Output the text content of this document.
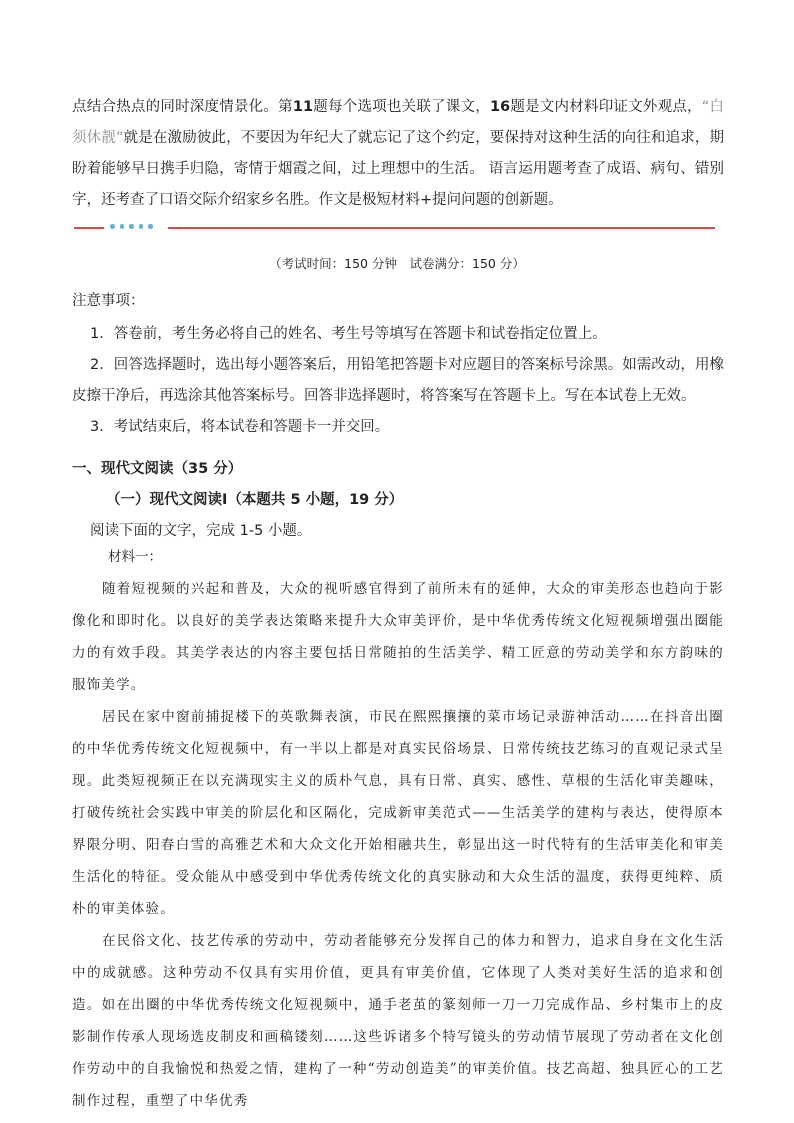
点结合热点的同时深度情景化。第11题每个选项也关联了课文，16题是文内材料印证文外观点，“白须休靓”就是在激励彼此，不要因为年纪大了就忘记了这个约定，要保持对这种生活的向往和追求，期盼着能够早日携手归隐，寄情于烟霞之间，过上理想中的生活。 语言运用题考查了成语、病句、错别字，还考查了口语交际介绍家乡名胜。作文是极短材料+提问问题的创新题。
（考试时间：150 分钟　试卷满分：150 分）
注意事项：
1．答卷前，考生务必将自己的姓名、考生号等填写在答题卡和试卷指定位置上。
2．回答选择题时，选出每小题答案后，用铅笔把答题卡对应题目的答案标号涂黑。如需改动，用橡皮擦干净后，再选涂其他答案标号。回答非选择题时，将答案写在答题卡上。写在本试卷上无效。
3．考试结束后，将本试卷和答题卡一并交回。
一、现代文阅读（35 分）
（一）现代文阅读Ⅰ（本题共 5 小题，19 分）
阅读下面的文字，完成 1-5 小题。
材料一：

随着短视频的兴起和普及，大众的视听感官得到了前所未有的延伸，大众的审美形态也趋向于影像化和即时化。以良好的美学表达策略来提升大众审美评价，是中华优秀传统文化短视频增强出圈能力的有效手段。其美学表达的内容主要包括日常随拍的生活美学、精工匠意的劳动美学和东方韵味的服饰美学。

居民在家中窗前捕捉楼下的英歌舞表演，市民在熙熙攘攘的菜市场记录游神活动……在抖音出圈的中华优秀传统文化短视频中，有一半以上都是对真实民俗场景、日常传统技艺练习的直观记录式呈现。此类短视频正在以充满现实主义的质朴气息，具有日常、真实、感性、草根的生活化审美趣味，打破传统社会实践中审美的阶层化和区隔化，完成新审美范式——生活美学的建构与表达，使得原本界限分明、阳春白雪的高雅艺术和大众文化开始相融共生，彰显出这一时代特有的生活审美化和审美生活化的特征。受众能从中感受到中华优秀传统文化的真实脉动和大众生活的温度，获得更纯粹、质朴的审美体验。

在民俗文化、技艺传承的劳动中，劳动者能够充分发挥自己的体力和智力，追求自身在文化生活中的成就感。这种劳动不仅具有实用价值，更具有审美价值，它体现了人类对美好生活的追求和创造。如在出圈的中华优秀传统文化短视频中，通手老茧的篆刻师一刀一刀完成作品、乡村集市上的皮影制作传承人现场选皮制皮和画稿镂刻……这些诉诸多个特写镜头的劳动情节展现了劳动者在文化创作劳动中的自我愉悦和热爱之情，建构了一种“劳动创造美”的审美价值。技艺高超、独具匠心的工艺制作过程，重塑了中华优秀
